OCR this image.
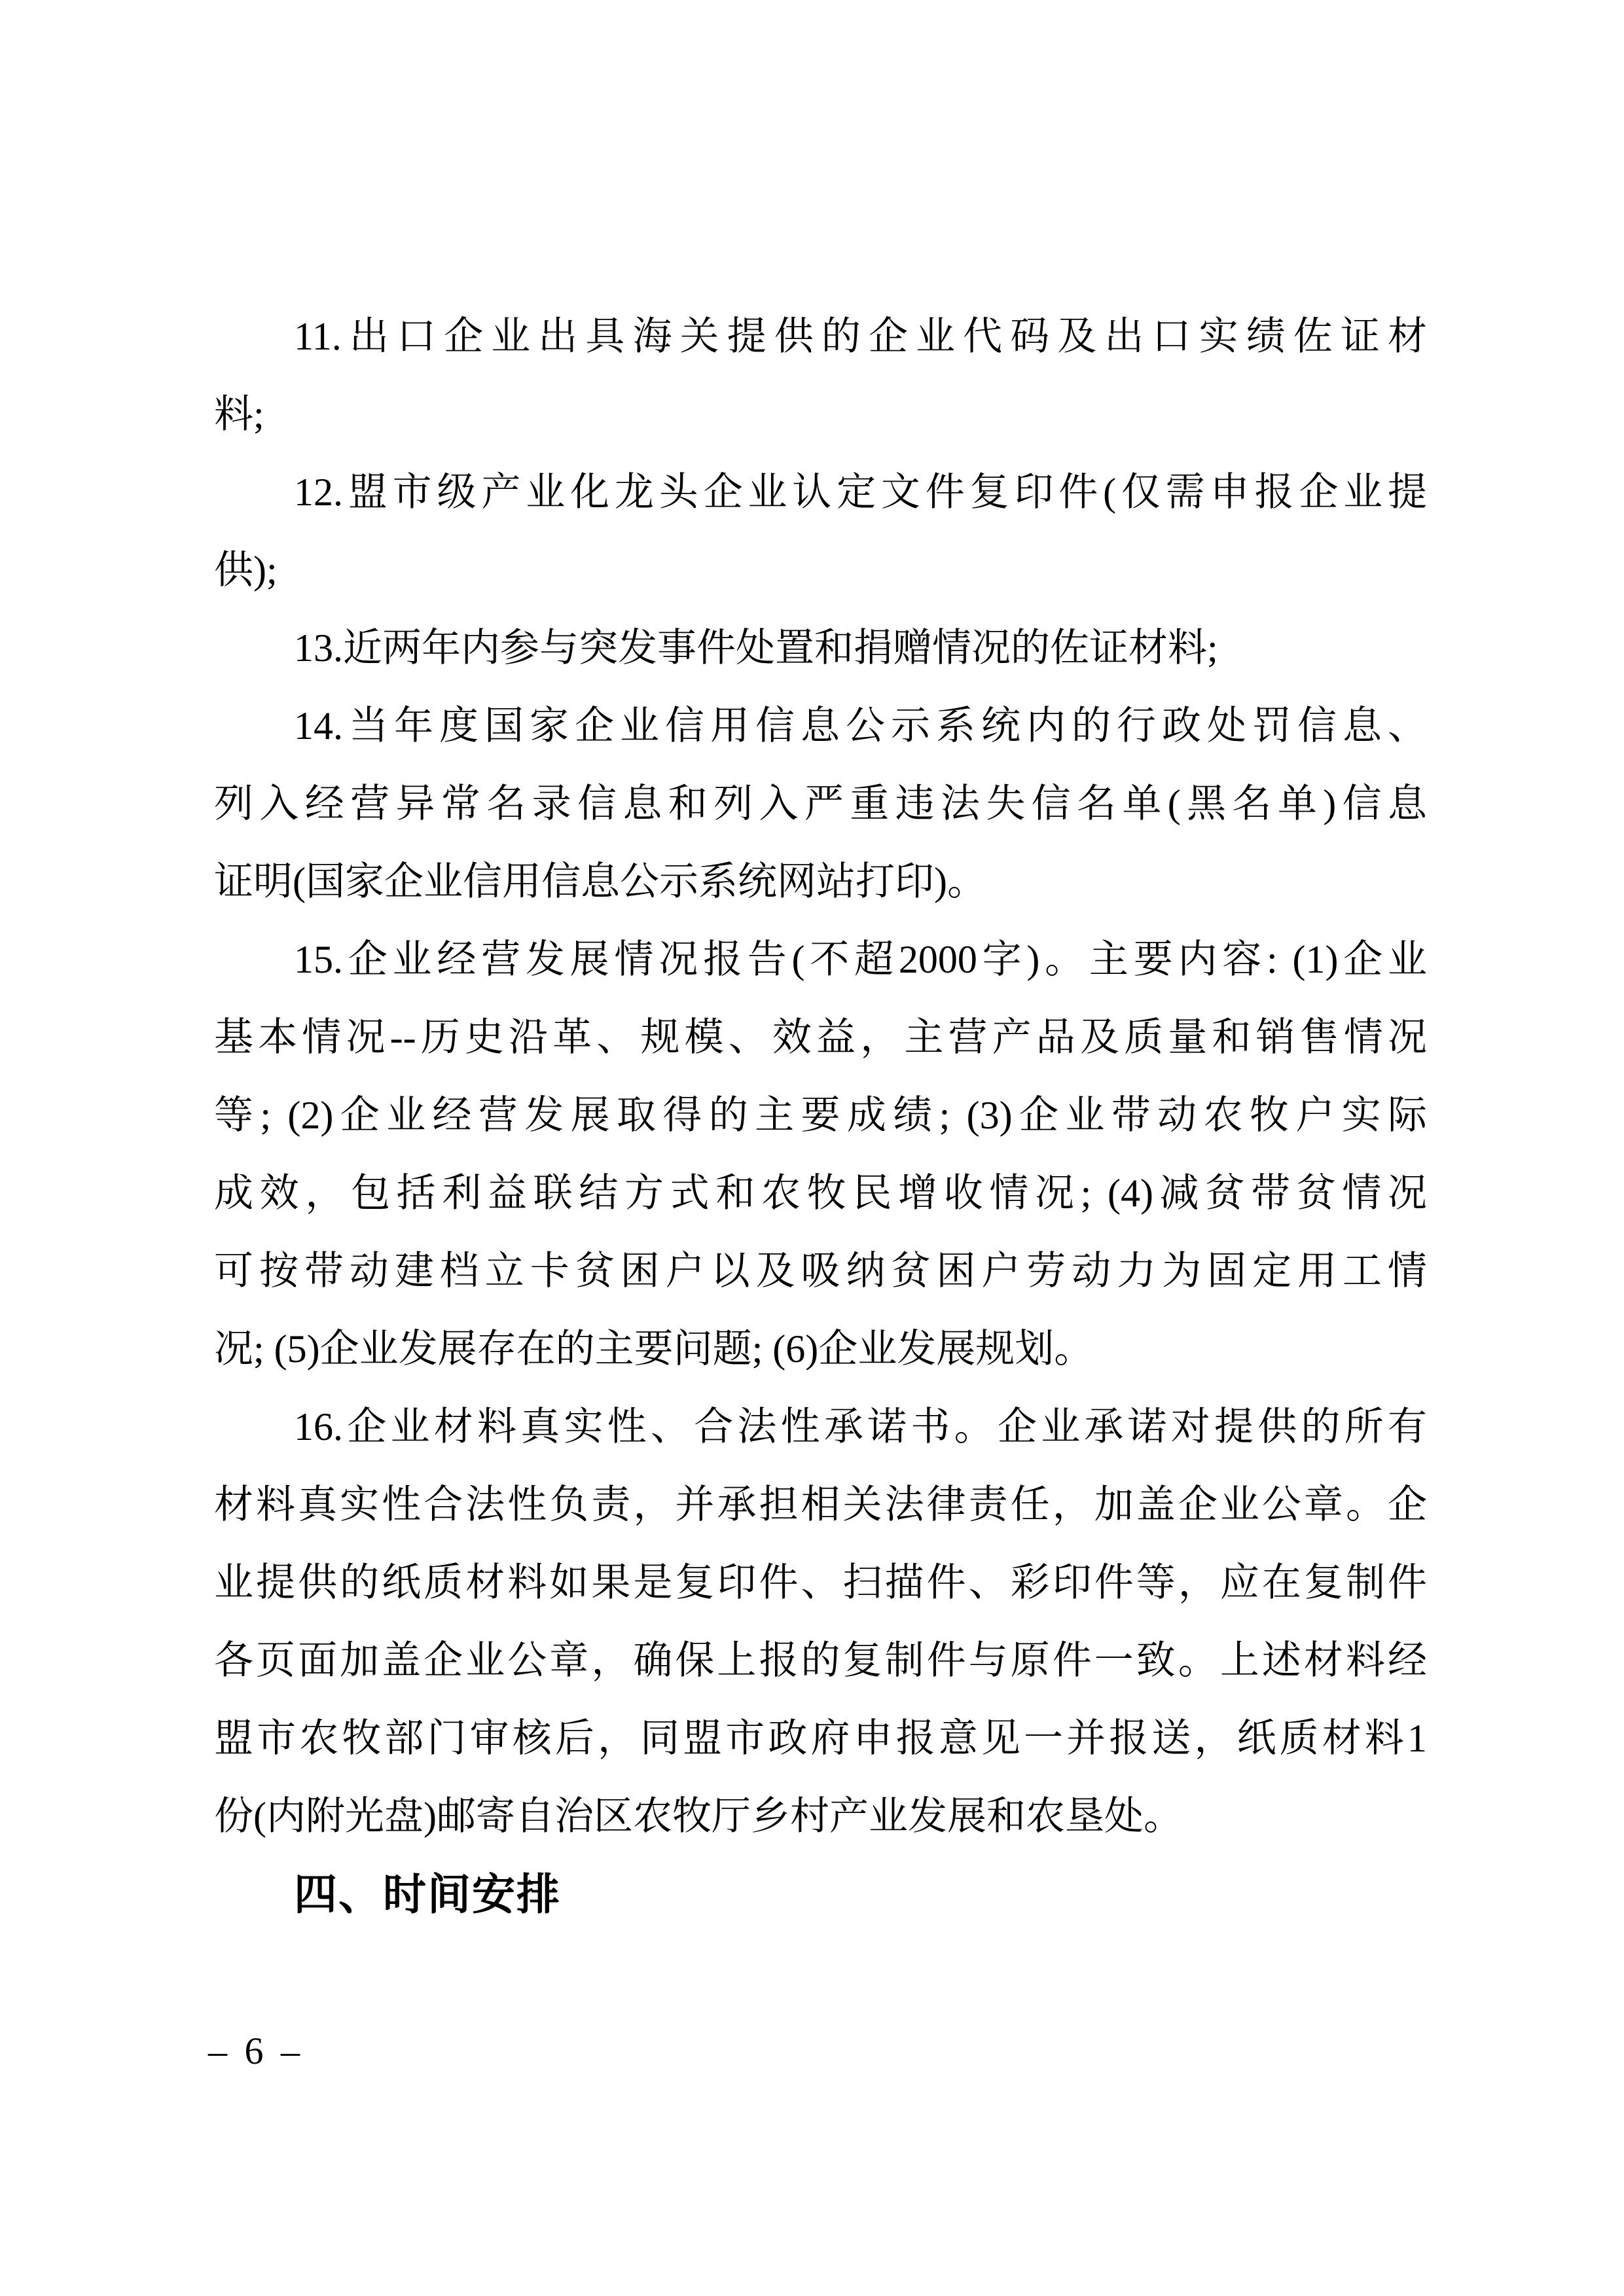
11.出口企业出具海关提供的企业代码及出口实绩佐证材
料;
12.盟市级产业化龙头企业认定文件复印件(仅需申报企业提
供);
13.近两年内参与突发事件处置和捐赠情况的佐证材料;
14.当年度国家企业信用信息公示系统内的行政处罚信息、
列入经营异常名录信息和列入严重违法失信名单(黑名单)信息
证明(国家企业信用信息公示系统网站打印)。
15.企业经营发展情况报告(不超2000字)。主要内容: (1)企业
基本情况--历史沿革、规模、效益，主营产品及质量和销售情况
等; (2)企业经营发展取得的主要成绩; (3)企业带动农牧户实际
成效，包括利益联结方式和农牧民增收情况; (4)减贫带贫情况
可按带动建档立卡贫困户以及吸纳贫困户劳动力为固定用工情
况; (5)企业发展存在的主要问题; (6)企业发展规划。
16.企业材料真实性、合法性承诺书。企业承诺对提供的所有
材料真实性合法性负责，并承担相关法律责任，加盖企业公章。企
业提供的纸质材料如果是复印件、扫描件、彩印件等，应在复制件
各页面加盖企业公章，确保上报的复制件与原件一致。上述材料经
盟市农牧部门审核后，同盟市政府申报意见一并报送，纸质材料1
份(内附光盘)邮寄自治区农牧厅乡村产业发展和农垦处。
四、时间安排
– 6 –
